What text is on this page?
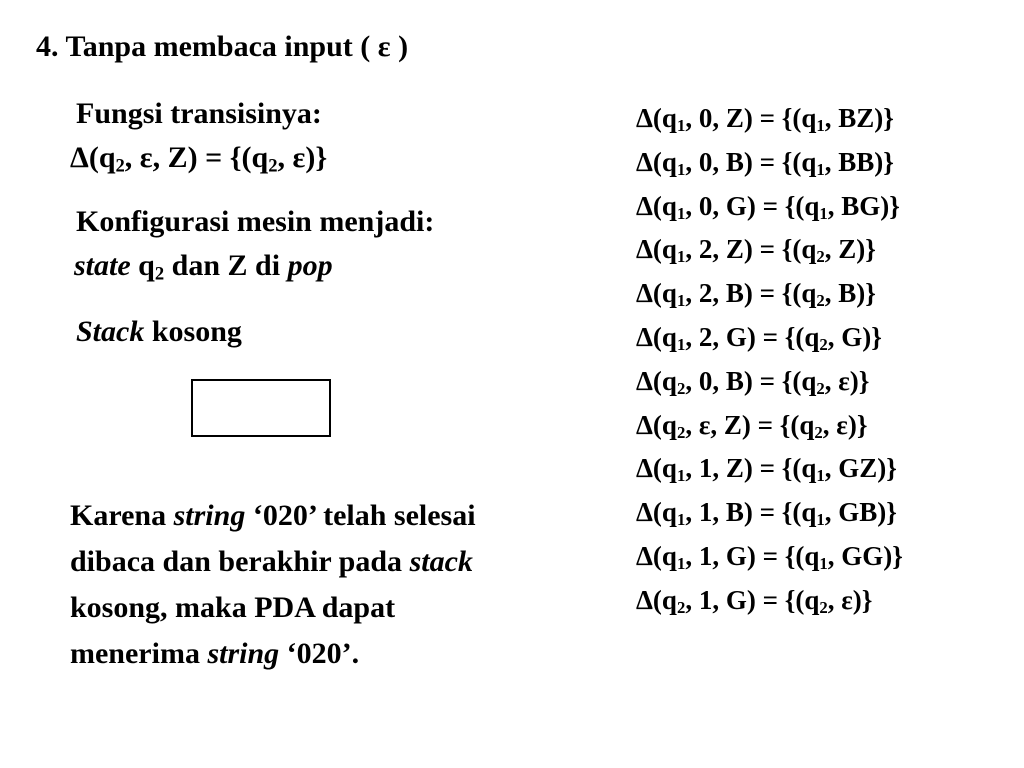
4. Tanpa membaca input ( ε )
Fungsi transisinya:
$\Delta(q_2$, ε, $Z) = \{(q_2$, ε)}
Konfigurasi mesin menjadi:
state $q_2$ dan Z di pop
Stack kosong
Karena string ‘020’ telah selesai
dibaca dan berakhir pada stack
kosong, maka PDA dapat
menerima string ‘020’.
$\Delta(q_1$, 0, $Z) = \{(q_1$, BZ)}
$\Delta(q_1$, 0, $B) = \{(q_1$, BB)}
$\Delta(q_1$, 0, $G) = \{(q_1$, BG)}
$\Delta(q_1$, 2, $Z) = \{(q_2$, Z)}
$\Delta(q_1$, 2, $B) = \{(q_2$, B)}
$\Delta(q_1$, 2, $G) = \{(q_2$, G)}
$\Delta(q_2$, 0, $B) = \{(q_2$, ε)}
$\Delta(q_2$, ε, $Z) = \{(q_2$, ε)}
$\Delta(q_1$, 1, $Z) = \{(q_1$, GZ)}
$\Delta(q_1$, 1, $B) = \{(q_1$, GB)}
$\Delta(q_1$, 1, $G) = \{(q_1$, GG)}
$\Delta(q_2$, 1, $G) = \{(q_2$, ε)}
